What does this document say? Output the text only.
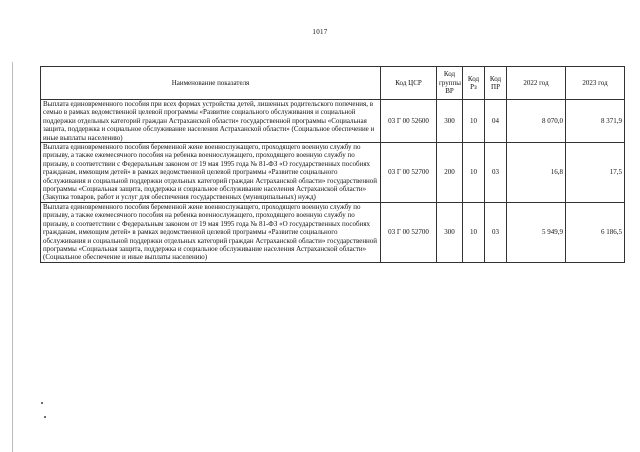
1017
Наименование показателя	Код ЦСР	Код группы ВР	Код Рз	Код ПР	2022 год	2023 год
Выплата единовременного пособия при всех формах устройства детей, лишенных родительского попечения, в семью в рамках ведомственной целевой программы «Развитие социального обслуживания и социальной поддержки отдельных категорий граждан Астраханской области» государственной программы «Социальная защита, поддержка и социальное обслуживание населения Астраханской области» (Социальное обеспечение и иные выплаты населению)	03 Г 00 52600	300	10	04	8 070,0	8 371,9
Выплата единовременного пособия беременной жене военнослужащего, проходящего военную службу по призыву, а также ежемесячного пособия на ребенка военнослужащего, проходящего военную службу по призыву, в соответствии с Федеральным законом от 19 мая 1995 года № 81-ФЗ «О государственных пособиях гражданам, имеющим детей» в рамках ведомственной целевой программы «Развитие социального обслуживания и социальной поддержки отдельных категорий граждан Астраханской области» государственной программы «Социальная защита, поддержка и социальное обслуживание населения Астраханской области» (Закупка товаров, работ и услуг для обеспечения государственных (муниципальных) нужд)	03 Г 00 52700	200	10	03	16,8	17,5
Выплата единовременного пособия беременной жене военнослужащего, проходящего военную службу по призыву, а также ежемесячного пособия на ребенка военнослужащего, проходящего военную службу по призыву, в соответствии с Федеральным законом от 19 мая 1995 года № 81-ФЗ «О государственных пособиях гражданам, имеющим детей» в рамках ведомственной целевой программы «Развитие социального обслуживания и социальной поддержки отдельных категорий граждан Астраханской области» государственной программы «Социальная защита, поддержка и социальное обслуживание населения Астраханской области» (Социальное обеспечение и иные выплаты населению)	03 Г 00 52700	300	10	03	5 949,9	6 186,5
